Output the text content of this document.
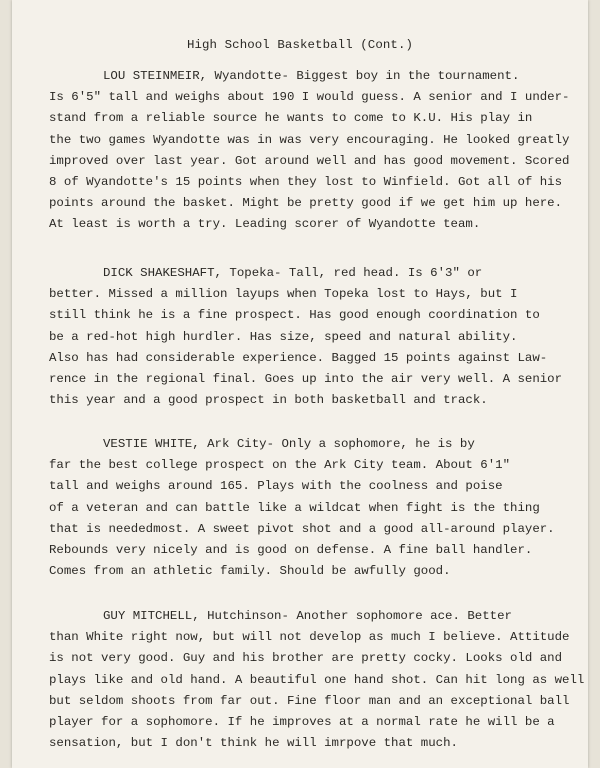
High School Basketball (Cont.)
LOU STEINMEIR, Wyandotte- Biggest boy in the tournament.
Is 6'5" tall and weighs about 190 I would guess. A senior and I under-
stand from a reliable source he wants to come to K.U. His play in
the two games Wyandotte was in was very encouraging. He looked greatly
improved over last year. Got around well and has good movement. Scored
8 of Wyandotte's 15 points when they lost to Winfield. Got all of his
points around the basket. Might be pretty good if we get him up here.
At least is worth a try. Leading scorer of Wyandotte team.
DICK SHAKESHAFT, Topeka- Tall, red head. Is 6'3" or
better. Missed a million layups when Topeka lost to Hays, but I
still think he is a fine prospect. Has good enough coordination to
be a red-hot high hurdler. Has size, speed and natural ability.
Also has had considerable experience. Bagged 15 points against Law-
rence in the regional final. Goes up into the air very well. A senior
this year and a good prospect in both basketball and track.
VESTIE WHITE, Ark City- Only a sophomore, he is by
far the best college prospect on the Ark City team. About 6'1"
tall and weighs around 165. Plays with the coolness and poise
of a veteran and can battle like a wildcat when fight is the thing
that is neededmost. A sweet pivot shot and a good all-around player.
Rebounds very nicely and is good on defense. A fine ball handler.
Comes from an athletic family. Should be awfully good.
GUY MITCHELL, Hutchinson- Another sophomore ace. Better
than White right now, but will not develop as much I believe. Attitude
is not very good. Guy and his brother are pretty cocky. Looks old and
plays like and old hand. A beautiful one hand shot. Can hit long as well
but seldom shoots from far out. Fine floor man and an exceptional ball
player for a sophomore. If he improves at a normal rate he will be a
sensation, but I don't think he will imrpove that much.
